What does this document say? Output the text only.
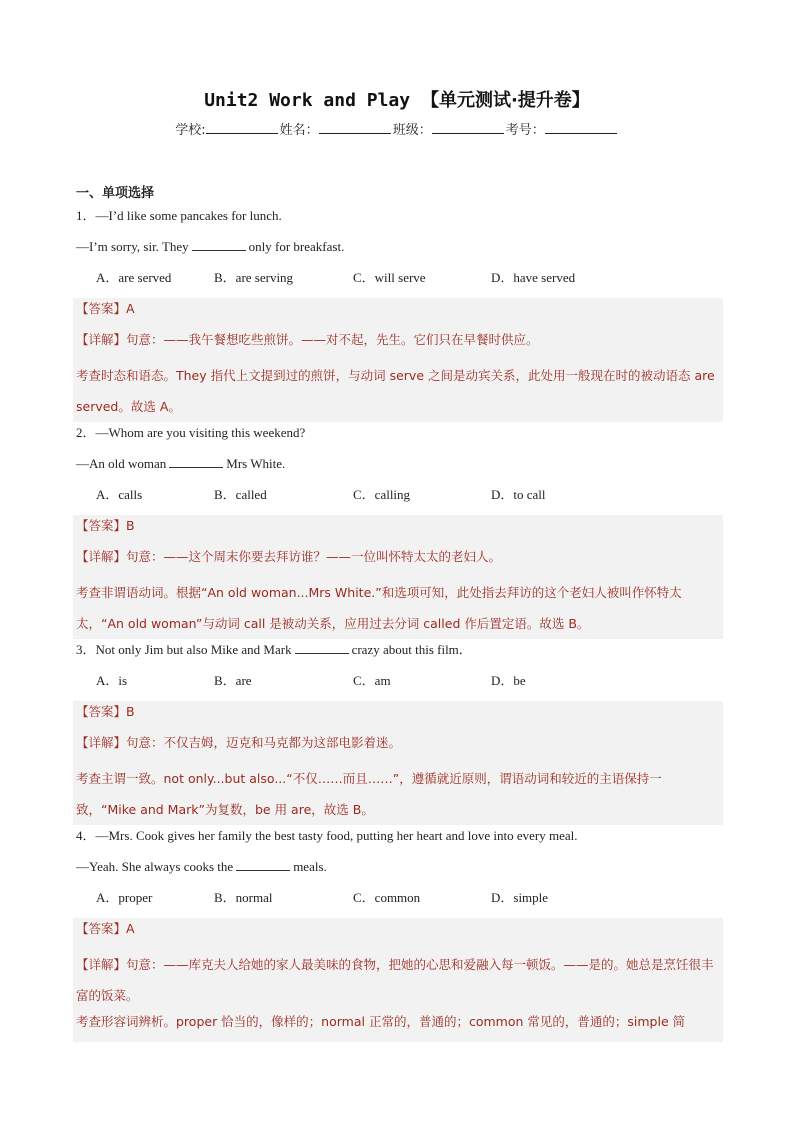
Unit2 Work and Play 【单元测试·提升卷】
学校:	姓名：	班级：	考号：
一、单项选择
1．—I’d like some pancakes for lunch.
—I’m sorry, sir. They	only for breakfast.
A．are served	B．are serving	C．will serve	D．have served
【答案】A
【详解】句意：——我午餐想吃些煎饼。——对不起，先生。它们只在早餐时供应。
考查时态和语态。They 指代上文提到过的煎饼，与动词 serve 之间是动宾关系，此处用一般现在时的被动语态 are served。故选 A。
2．—Whom are you visiting this weekend?
—An old woman	Mrs White.
A．calls	B．called	C．calling	D．to call
【答案】B
【详解】句意：——这个周末你要去拜访谁？——一位叫怀特太太的老妇人。
考查非谓语动词。根据“An old woman...Mrs White.”和选项可知，此处指去拜访的这个老妇人被叫作怀特太太，“An old woman”与动词 call 是被动关系，应用过去分词 called 作后置定语。故选 B。
3．Not only Jim but also Mike and Mark	crazy about this film．
A．is	B．are	C．am	D．be
【答案】B
【详解】句意：不仅吉姆，迈克和马克都为这部电影着迷。
考查主谓一致。not only...but also...“不仅……而且……”，遵循就近原则，谓语动词和较近的主语保持一致，“Mike and Mark”为复数，be 用 are，故选 B。
4．—Mrs. Cook gives her family the best tasty food, putting her heart and love into every meal.
—Yeah. She always cooks the	meals.
A．proper	B．normal	C．common	D．simple
【答案】A
【详解】句意：——库克夫人给她的家人最美味的食物，把她的心思和爱融入每一顿饭。——是的。她总是烹饪很丰富的饭菜。
考查形容词辨析。proper 恰当的，像样的；normal 正常的，普通的；common 常见的，普通的；simple 简
